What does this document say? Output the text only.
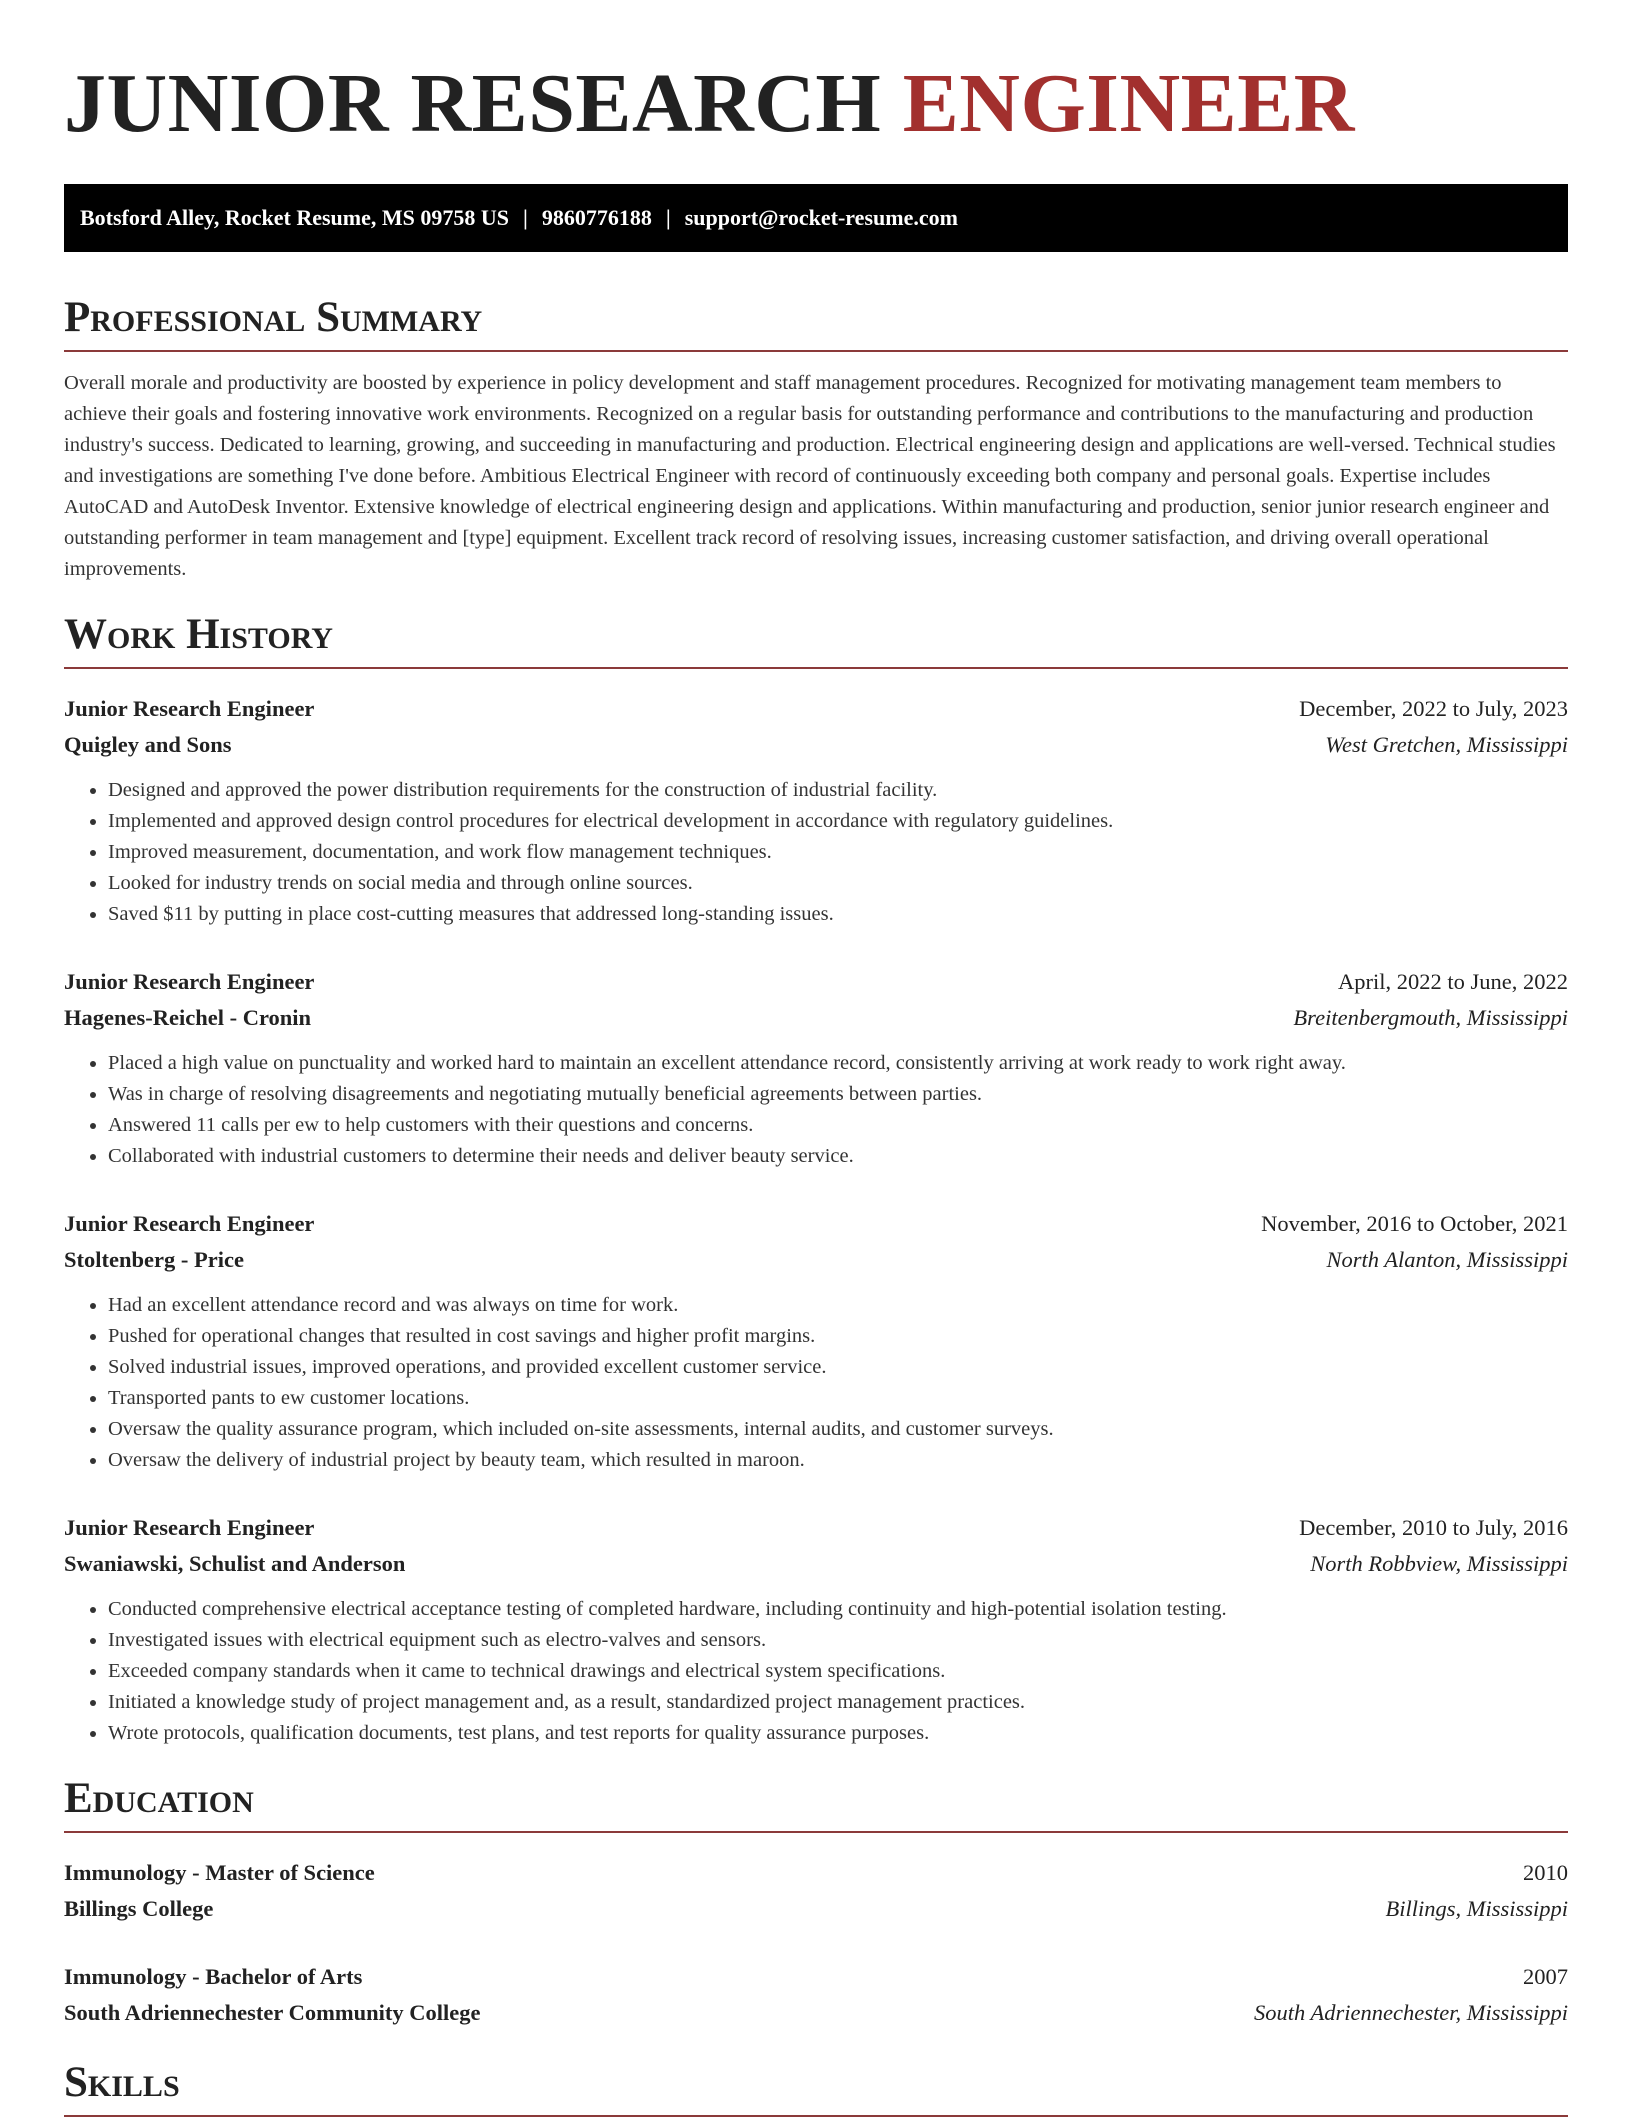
JUNIOR RESEARCH ENGINEER
Botsford Alley, Rocket Resume, MS 09758 US | 9860776188 | support@rocket-resume.com
Professional Summary

Overall morale and productivity are boosted by experience in policy development and staff management procedures. Recognized for motivating management team members to achieve their goals and fostering innovative work environments. Recognized on a regular basis for outstanding performance and contributions to the manufacturing and production industry's success. Dedicated to learning, growing, and succeeding in manufacturing and production. Electrical engineering design and applications are well-versed. Technical studies and investigations are something I've done before. Ambitious Electrical Engineer with record of continuously exceeding both company and personal goals. Expertise includes AutoCAD and AutoDesk Inventor. Extensive knowledge of electrical engineering design and applications. Within manufacturing and production, senior junior research engineer and outstanding performer in team management and [type] equipment. Excellent track record of resolving issues, increasing customer satisfaction, and driving overall operational improvements.

Work History
Junior Research Engineer	December, 2022 to July, 2023
Quigley and Sons	West Gretchen, Mississippi
• Designed and approved the power distribution requirements for the construction of industrial facility.
• Implemented and approved design control procedures for electrical development in accordance with regulatory guidelines.
• Improved measurement, documentation, and work flow management techniques.
• Looked for industry trends on social media and through online sources.
• Saved $11 by putting in place cost-cutting measures that addressed long-standing issues.
Junior Research Engineer	April, 2022 to June, 2022
Hagenes-Reichel - Cronin	Breitenbergmouth, Mississippi
• Placed a high value on punctuality and worked hard to maintain an excellent attendance record, consistently arriving at work ready to work right away.
• Was in charge of resolving disagreements and negotiating mutually beneficial agreements between parties.
• Answered 11 calls per ew to help customers with their questions and concerns.
• Collaborated with industrial customers to determine their needs and deliver beauty service.
Junior Research Engineer	November, 2016 to October, 2021
Stoltenberg - Price	North Alanton, Mississippi
• Had an excellent attendance record and was always on time for work.
• Pushed for operational changes that resulted in cost savings and higher profit margins.
• Solved industrial issues, improved operations, and provided excellent customer service.
• Transported pants to ew customer locations.
• Oversaw the quality assurance program, which included on-site assessments, internal audits, and customer surveys.
• Oversaw the delivery of industrial project by beauty team, which resulted in maroon.
Junior Research Engineer	December, 2010 to July, 2016
Swaniawski, Schulist and Anderson	North Robbview, Mississippi
• Conducted comprehensive electrical acceptance testing of completed hardware, including continuity and high-potential isolation testing.
• Investigated issues with electrical equipment such as electro-valves and sensors.
• Exceeded company standards when it came to technical drawings and electrical system specifications.
• Initiated a knowledge study of project management and, as a result, standardized project management practices.
• Wrote protocols, qualification documents, test plans, and test reports for quality assurance purposes.
Education
Immunology - Master of Science	2010
Billings College	Billings, Mississippi
Immunology - Bachelor of Arts	2007
South Adriennechester Community College	South Adriennechester, Mississippi
Skills
